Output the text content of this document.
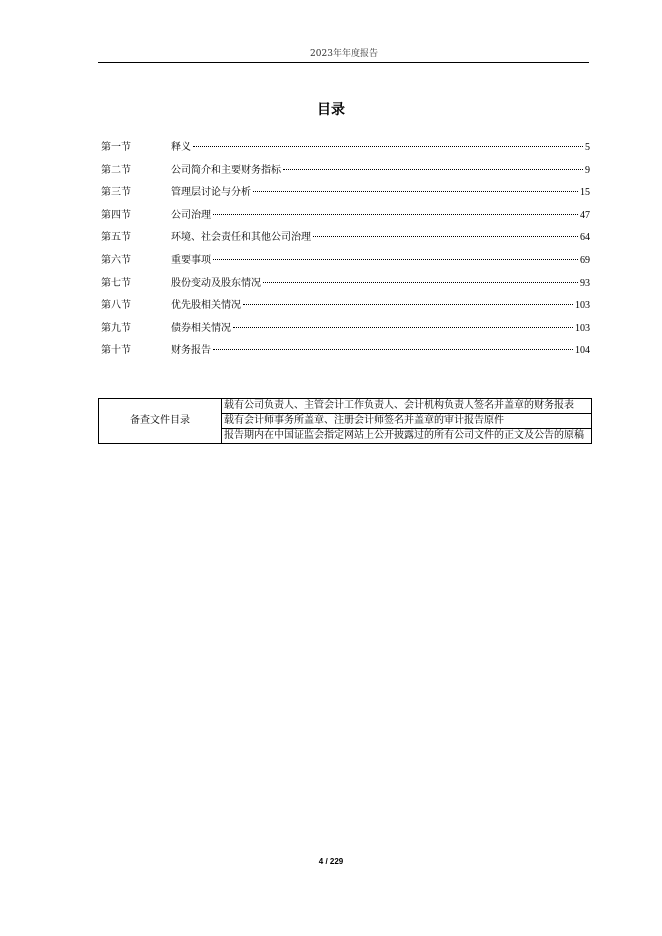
2023年年度报告
目录
第一节	释义	5
第二节	公司简介和主要财务指标	9
第三节	管理层讨论与分析	15
第四节	公司治理	47
第五节	环境、社会责任和其他公司治理	64
第六节	重要事项	69
第七节	股份变动及股东情况	93
第八节	优先股相关情况	103
第九节	债券相关情况	103
第十节	财务报告	104
备查文件目录	载有公司负责人、主管会计工作负责人、会计机构负责人签名并盖章的财务报表
载有会计师事务所盖章、注册会计师签名并盖章的审计报告原件
报告期内在中国证监会指定网站上公开披露过的所有公司文件的正文及公告的原稿
4 / 229
